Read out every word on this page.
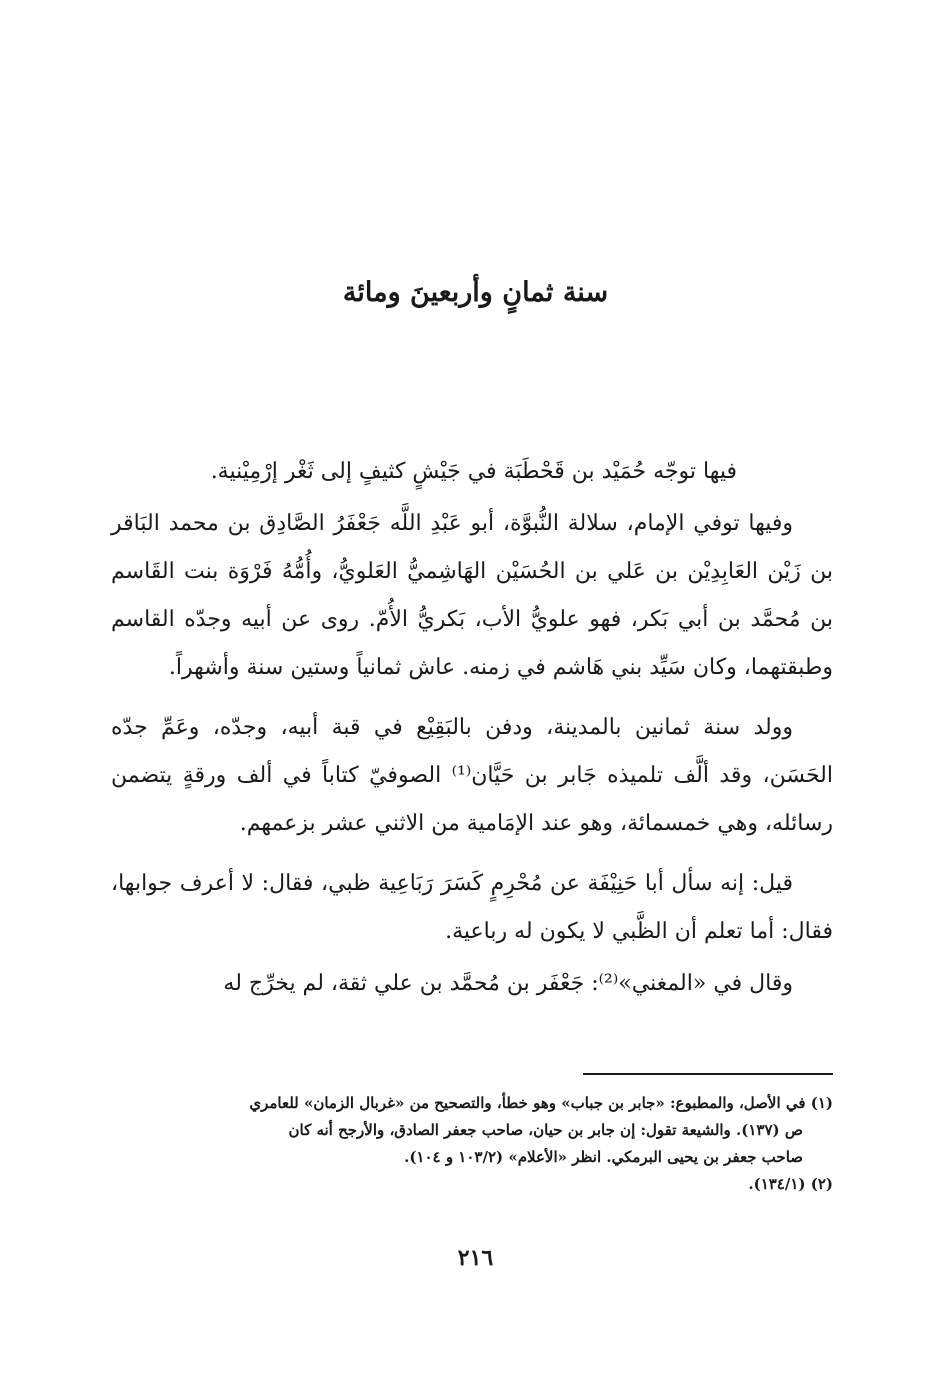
سنة ثمانٍ وأربعينَ ومائة

فيها توجّه حُمَيْد بن قَحْطَبَة في جَيْشٍ كثيفٍ إلى ثَغْر إرْمِيْنية.

وفيها توفي الإمام، سلالة النُّبوَّة، أبو عَبْدِ اللَّه جَعْفَرُ الصَّادِق بن محمد البَاقر بن زَيْن العَابِدِيْن بن عَلي بن الحُسَيْن الهَاشِميُّ العَلويُّ، وأُمُّهُ فَرْوَة بنت القَاسم بن مُحمَّد بن أبي بَكر، فهو علويُّ الأب، بَكريُّ الأُمّ. روى عن أبيه وجدّه القاسم وطبقتهما، وكان سَيِّد بني هَاشم في زمنه. عاش ثمانياً وستين سنة وأشهراً.

وولد سنة ثمانين بالمدينة، ودفن بالبَقِيْع في قبة أبيه، وجدّه، وعَمِّ جدّه الحَسَن، وقد ألَّف تلميذه جَابر بن حَيَّان⁽¹⁾ الصوفيّ كتاباً في ألف ورقةٍ يتضمن رسائله، وهي خمسمائة، وهو عند الإمَامية من الاثني عشر بزعمهم.

قيل: إنه سأل أبا حَنِيْفَة عن مُحْرِمٍ كَسَرَ رَبَاعِية ظبي، فقال: لا أعرف جوابها، فقال: أما تعلم أن الظَّبي لا يكون له رباعية.

وقال في «المغني»⁽²⁾: جَعْفَر بن مُحمَّد بن علي ثقة، لم يخرِّج له

(١) في الأصل، والمطبوع: «جابر بن جباب» وهو خطأ، والتصحيح من «غربال الزمان» للعامري

ص (١٣٧). والشيعة تقول: إن جابر بن حيان، صاحب جعفر الصادق، والأرجح أنه كان

صاحب جعفر بن يحيى البرمكي. انظر «الأعلام» (١٠٣/٢ و ١٠٤).

(٢) (١٣٤/١).

٢١٦
